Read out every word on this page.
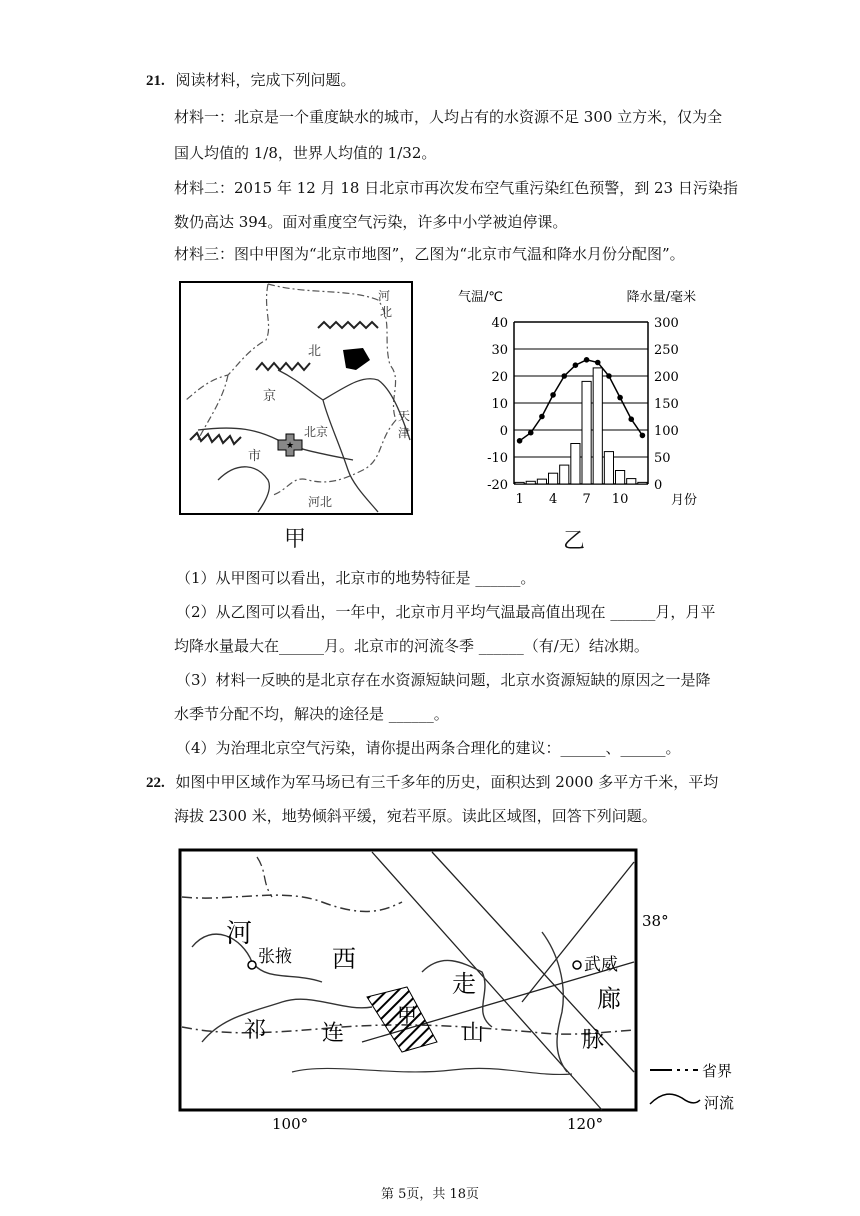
21. 阅读材料，完成下列问题。
材料一：北京是一个重度缺水的城市，人均占有的水资源不足 300 立方米，仅为全
国人均值的 1/8，世界人均值的 1/32。
材料二：2015 年 12 月 18 日北京市再次发布空气重污染红色预警，到 23 日污染指
数仍高达 394。面对重度空气污染，许多中小学被迫停课。
材料三：图中甲图为“北京市地图”，乙图为“北京市气温和降水月份分配图”。
★
河
北
北
京
天
津
北京
市
河北
甲
气温/℃	降水量/毫米
月份
40	300
30	250
20	200
10	150
0	100
-10	50
-20	0
1 4 7 10
乙
（1）从甲图可以看出，北京市的地势特征是 ______。
（2）从乙图可以看出，一年中，北京市月平均气温最高值出现在 ______月，月平
均降水量最大在______月。北京市的河流冬季 ______（有/无）结冰期。
（3）材料一反映的是北京存在水资源短缺问题，北京水资源短缺的原因之一是降
水季节分配不均，解决的途径是 ______。
（4）为治理北京空气污染，请你提出两条合理化的建议：______、______。
22. 如图中甲区域作为军马场已有三千多年的历史，面积达到 2000 多平方千米，平均
海拔 2300 米，地势倾斜平缓，宛若平原。读此区域图，回答下列问题。
河
张掖 西
走
武威
廊
祁	连
甲
山	脉
38°
100°	120°
省界
河流
第 5页，共 18页
